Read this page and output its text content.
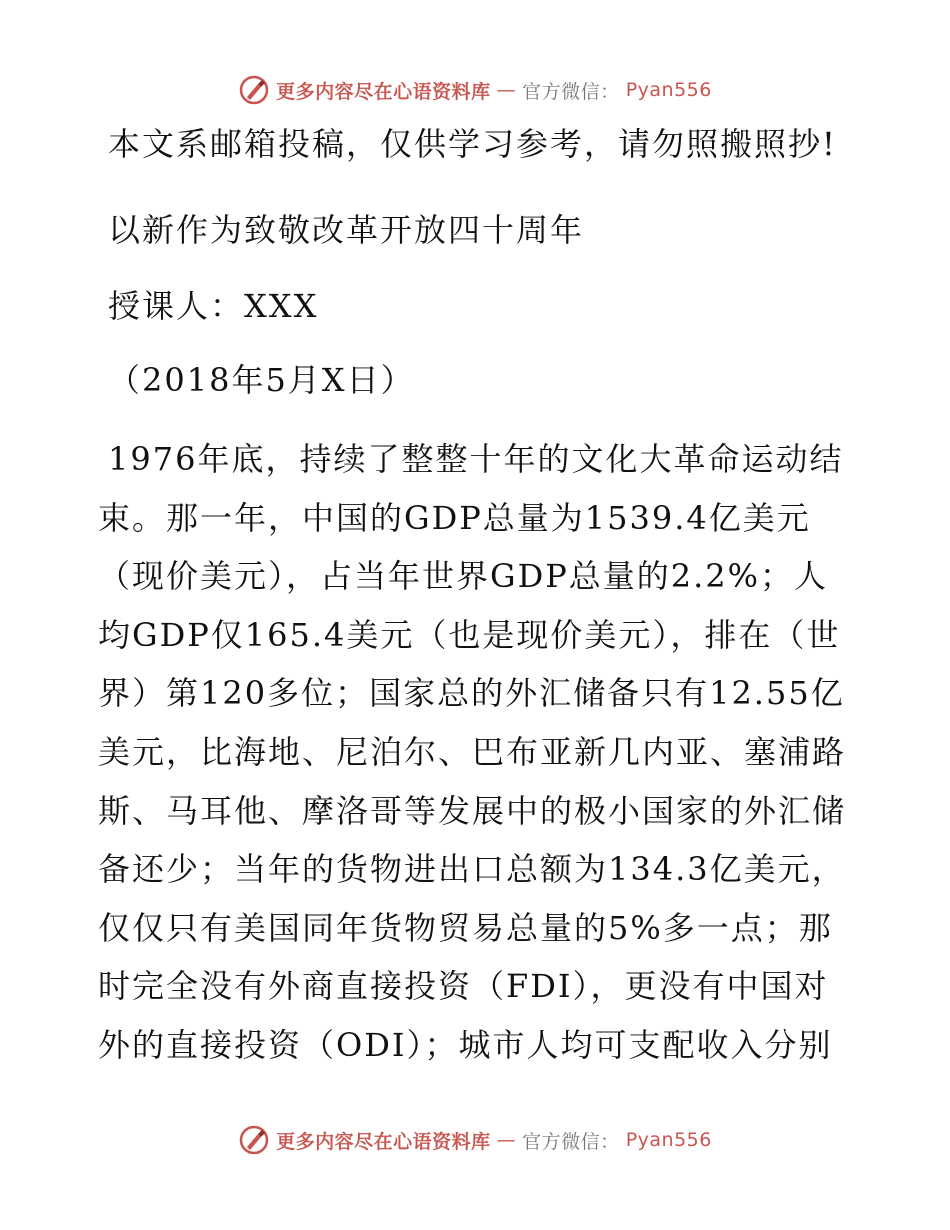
更多内容尽在心语资料库 — 官方微信： Pyan556

本文系邮箱投稿，仅供学习参考，请勿照搬照抄!

以新作为致敬改革开放四十周年

授课人：XXX

（2018年5月X日）

1976年底，持续了整整十年的文化大革命运动结束。那一年，中国的GDP总量为1539.4亿美元（现价美元），占当年世界GDP总量的2.2%；人均GDP仅165.4美元（也是现价美元），排在（世界）第120多位；国家总的外汇储备只有12.55亿美元，比海地、尼泊尔、巴布亚新几内亚、塞浦路斯、马耳他、摩洛哥等发展中的极小国家的外汇储备还少；当年的货物进出口总额为134.3亿美元，仅仅只有美国同年货物贸易总量的5%多一点；那时完全没有外商直接投资（FDI），更没有中国对外的直接投资（ODI）；城市人均可支配收入分别

更多内容尽在心语资料库 — 官方微信： Pyan556
